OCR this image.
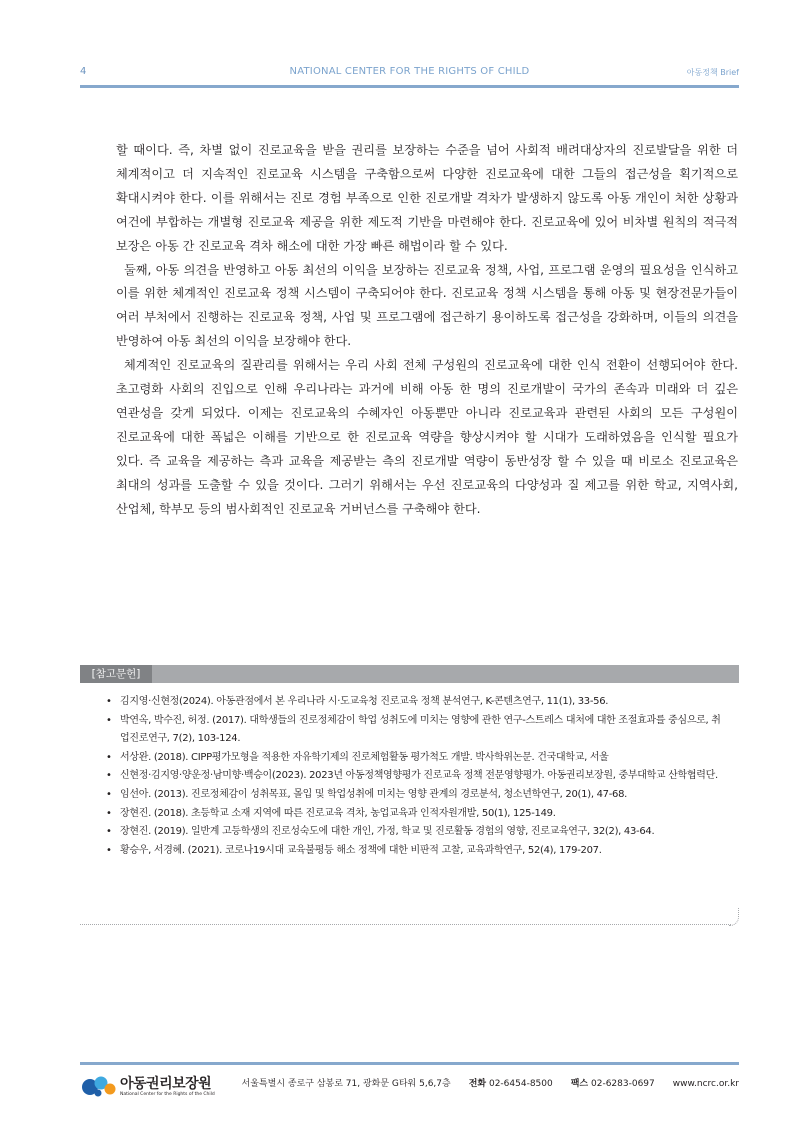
4	NATIONAL CENTER FOR THE RIGHTS OF CHILD	아동정책 Brief

할 때이다. 즉, 차별 없이 진로교육을 받을 권리를 보장하는 수준을 넘어 사회적 배려대상자의 진로발달을 위한 더 체계적이고 더 지속적인 진로교육 시스템을 구축함으로써 다양한 진로교육에 대한 그들의 접근성을 획기적으로 확대시켜야 한다. 이를 위해서는 진로 경험 부족으로 인한 진로개발 격차가 발생하지 않도록 아동 개인이 처한 상황과 여건에 부합하는 개별형 진로교육 제공을 위한 제도적 기반을 마련해야 한다. 진로교육에 있어 비차별 원칙의 적극적 보장은 아동 간 진로교육 격차 해소에 대한 가장 빠른 해법이라 할 수 있다.

둘째, 아동 의견을 반영하고 아동 최선의 이익을 보장하는 진로교육 정책, 사업, 프로그램 운영의 필요성을 인식하고 이를 위한 체계적인 진로교육 정책 시스템이 구축되어야 한다. 진로교육 정책 시스템을 통해 아동 및 현장전문가들이 여러 부처에서 진행하는 진로교육 정책, 사업 및 프로그램에 접근하기 용이하도록 접근성을 강화하며, 이들의 의견을 반영하여 아동 최선의 이익을 보장해야 한다.

체계적인 진로교육의 질관리를 위해서는 우리 사회 전체 구성원의 진로교육에 대한 인식 전환이 선행되어야 한다. 초고령화 사회의 진입으로 인해 우리나라는 과거에 비해 아동 한 명의 진로개발이 국가의 존속과 미래와 더 깊은 연관성을 갖게 되었다. 이제는 진로교육의 수혜자인 아동뿐만 아니라 진로교육과 관련된 사회의 모든 구성원이 진로교육에 대한 폭넓은 이해를 기반으로 한 진로교육 역량을 향상시켜야 할 시대가 도래하였음을 인식할 필요가 있다. 즉 교육을 제공하는 측과 교육을 제공받는 측의 진로개발 역량이 동반성장 할 수 있을 때 비로소 진로교육은 최대의 성과를 도출할 수 있을 것이다. 그러기 위해서는 우선 진로교육의 다양성과 질 제고를 위한 학교, 지역사회, 산업체, 학부모 등의 범사회적인 진로교육 거버넌스를 구축해야 한다.

[참고문헌]
• 김지영·신현정(2024). 아동관점에서 본 우리나라 시·도교육청 진로교육 정책 분석연구, K-콘텐츠연구, 11(1), 33-56.
• 박연옥, 박수진, 허정. (2017). 대학생들의 진로정체감이 학업 성취도에 미치는 영향에 관한 연구-스트레스 대처에 대한 조절효과를 중심으로, 취업진로연구, 7(2), 103-124.
• 서상완. (2018). CIPP평가모형을 적용한 자유학기제의 진로체험활동 평가척도 개발. 박사학위논문. 건국대학교, 서울
• 신현정·김지영·양운정·남미향·백승이(2023). 2023년 아동정책영향평가 진로교육 정책 전문영향평가. 아동권리보장원, 중부대학교 산학협력단.
• 임선아. (2013). 진로정체감이 성취목표, 몰입 및 학업성취에 미치는 영향 관계의 경로분석, 청소년학연구, 20(1), 47-68.
• 장현진. (2018). 초등학교 소재 지역에 따른 진로교육 격차, 농업교육과 인적자원개발, 50(1), 125-149.
• 장현진. (2019). 일반계 고등학생의 진로성숙도에 대한 개인, 가정, 학교 및 진로활동 경험의 영향, 진로교육연구, 32(2), 43-64.
• 황승우, 서경혜. (2021). 코로나19시대 교육불평등 해소 정책에 대한 비판적 고찰, 교육과학연구, 52(4), 179-207.
아동권리보장원
National Center for the Rights of the Child
서울특별시 종로구 삼봉로 71, 광화문 G타워 5,6,7층 전화 02-6454-8500 팩스 02-6283-0697 www.ncrc.or.kr
